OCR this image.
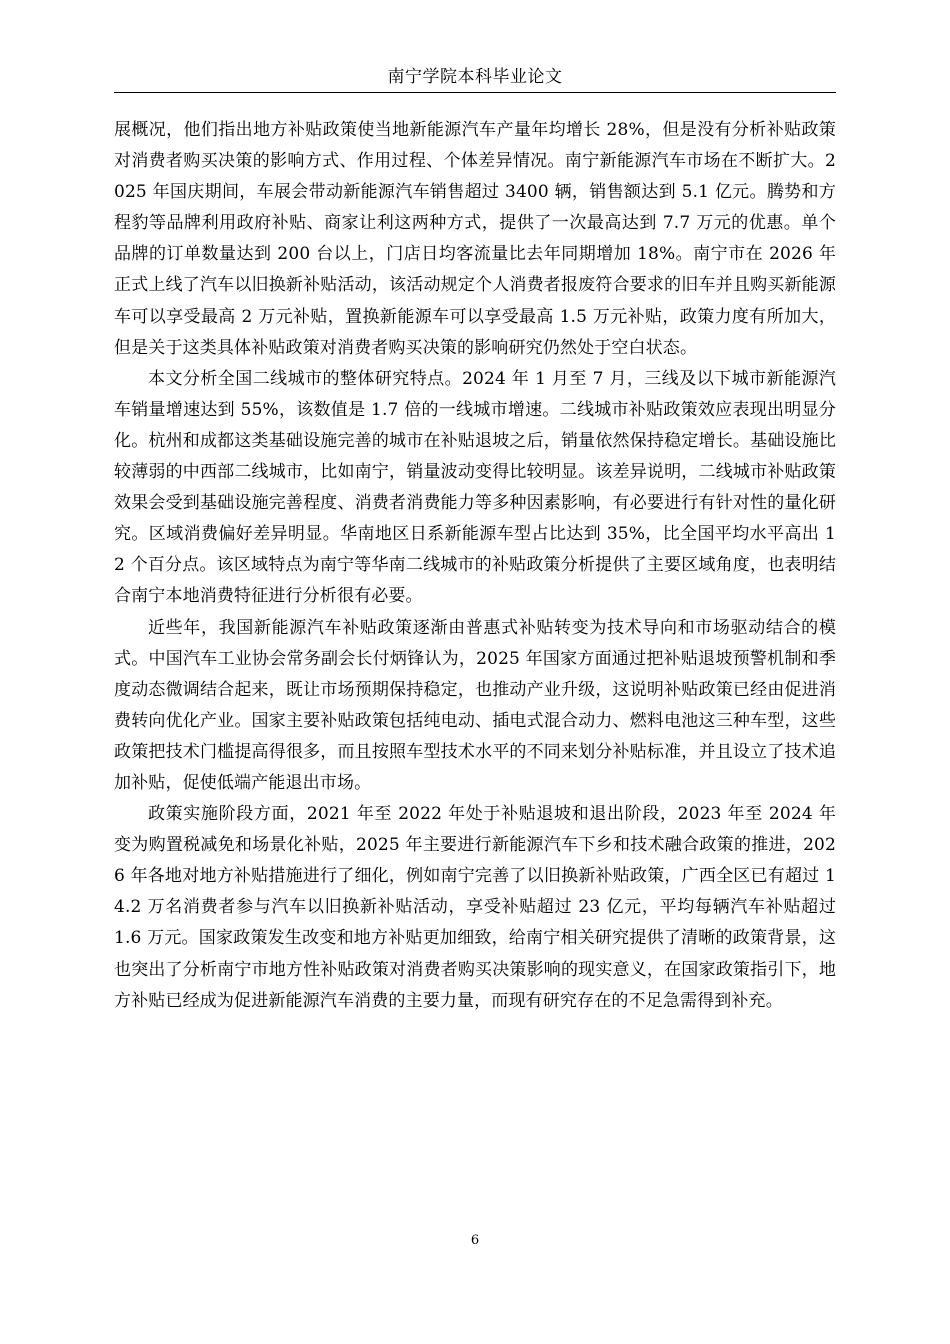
南宁学院本科毕业论文

展概况，他们指出地方补贴政策使当地新能源汽车产量年均增长 28%，但是没有分析补贴政策对消费者购买决策的影响方式、作用过程、个体差异情况。南宁新能源汽车市场在不断扩大。2025 年国庆期间，车展会带动新能源汽车销售超过 3400 辆，销售额达到 5.1 亿元。腾势和方程豹等品牌利用政府补贴、商家让利这两种方式，提供了一次最高达到 7.7 万元的优惠。单个品牌的订单数量达到 200 台以上，门店日均客流量比去年同期增加 18%。南宁市在 2026 年正式上线了汽车以旧换新补贴活动，该活动规定个人消费者报废符合要求的旧车并且购买新能源车可以享受最高 2 万元补贴，置换新能源车可以享受最高 1.5 万元补贴，政策力度有所加大，但是关于这类具体补贴政策对消费者购买决策的影响研究仍然处于空白状态。

本文分析全国二线城市的整体研究特点。2024 年 1 月至 7 月，三线及以下城市新能源汽车销量增速达到 55%，该数值是 1.7 倍的一线城市增速。二线城市补贴政策效应表现出明显分化。杭州和成都这类基础设施完善的城市在补贴退坡之后，销量依然保持稳定增长。基础设施比较薄弱的中西部二线城市，比如南宁，销量波动变得比较明显。该差异说明，二线城市补贴政策效果会受到基础设施完善程度、消费者消费能力等多种因素影响，有必要进行有针对性的量化研究。区域消费偏好差异明显。华南地区日系新能源车型占比达到 35%，比全国平均水平高出 12 个百分点。该区域特点为南宁等华南二线城市的补贴政策分析提供了主要区域角度，也表明结合南宁本地消费特征进行分析很有必要。

近些年，我国新能源汽车补贴政策逐渐由普惠式补贴转变为技术导向和市场驱动结合的模式。中国汽车工业协会常务副会长付炳锋认为，2025 年国家方面通过把补贴退坡预警机制和季度动态微调结合起来，既让市场预期保持稳定，也推动产业升级，这说明补贴政策已经由促进消费转向优化产业。国家主要补贴政策包括纯电动、插电式混合动力、燃料电池这三种车型，这些政策把技术门槛提高得很多，而且按照车型技术水平的不同来划分补贴标准，并且设立了技术追加补贴，促使低端产能退出市场。

政策实施阶段方面，2021 年至 2022 年处于补贴退坡和退出阶段，2023 年至 2024 年变为购置税减免和场景化补贴，2025 年主要进行新能源汽车下乡和技术融合政策的推进，2026 年各地对地方补贴措施进行了细化，例如南宁完善了以旧换新补贴政策，广西全区已有超过 14.2 万名消费者参与汽车以旧换新补贴活动，享受补贴超过 23 亿元，平均每辆汽车补贴超过 1.6 万元。国家政策发生改变和地方补贴更加细致，给南宁相关研究提供了清晰的政策背景，这也突出了分析南宁市地方性补贴政策对消费者购买决策影响的现实意义，在国家政策指引下，地方补贴已经成为促进新能源汽车消费的主要力量，而现有研究存在的不足急需得到补充。

6
